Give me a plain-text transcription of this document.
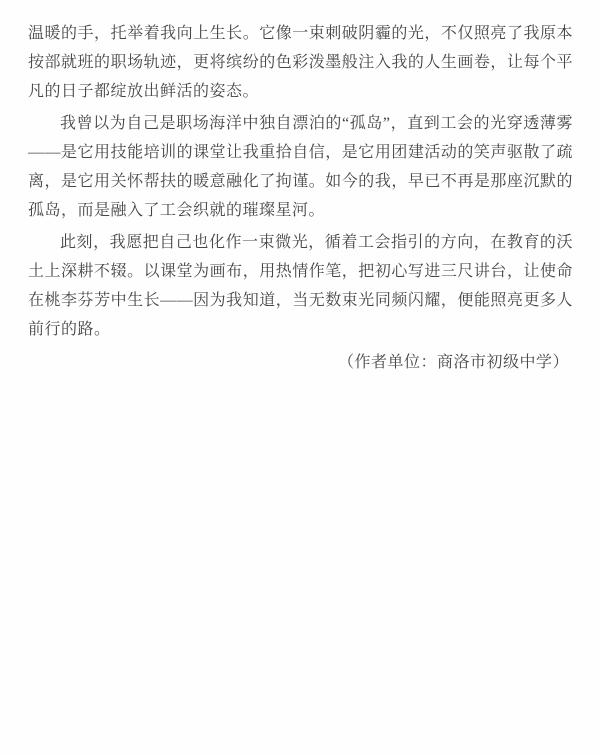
温暖的手，托举着我向上生长。它像一束刺破阴霾的光，不仅照亮了我原本按部就班的职场轨迹，更将缤纷的色彩泼墨般注入我的人生画卷，让每个平凡的日子都绽放出鲜活的姿态。

我曾以为自己是职场海洋中独自漂泊的“孤岛”，直到工会的光穿透薄雾——是它用技能培训的课堂让我重拾自信，是它用团建活动的笑声驱散了疏离，是它用关怀帮扶的暖意融化了拘谨。如今的我，早已不再是那座沉默的孤岛，而是融入了工会织就的璀璨星河。

此刻，我愿把自己也化作一束微光，循着工会指引的方向，在教育的沃土上深耕不辍。以课堂为画布，用热情作笔，把初心写进三尺讲台，让使命在桃李芬芳中生长——因为我知道，当无数束光同频闪耀，便能照亮更多人前行的路。

（作者单位：商洛市初级中学）
